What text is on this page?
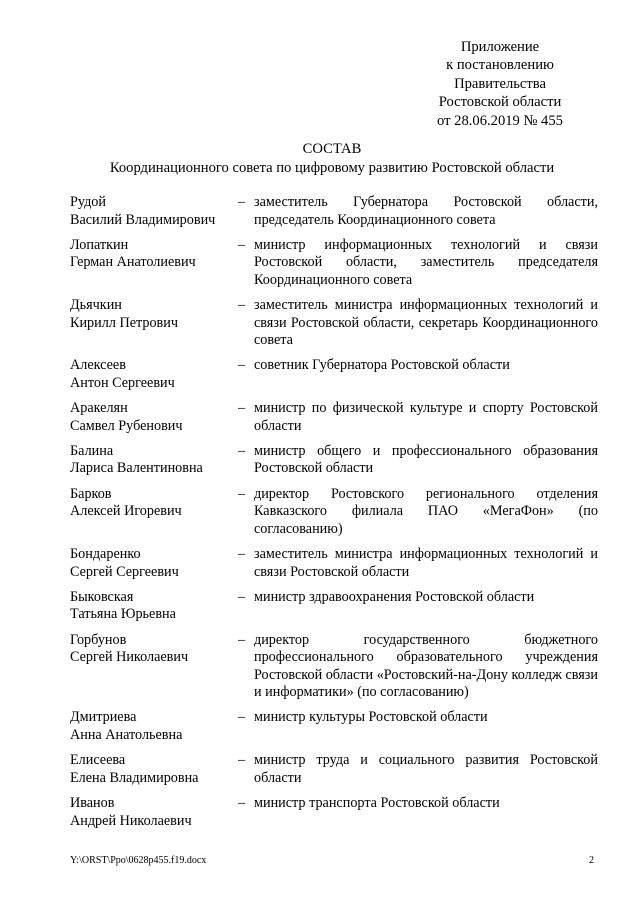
Приложение
к постановлению
Правительства
Ростовской области
от 28.06.2019 № 455
СОСТАВ
Координационного совета по цифровому развитию Ростовской области
Рудой
Василий Владимирович
– заместитель Губернатора Ростовской области, председатель Координационного совета
Лопаткин
Герман Анатолиевич
– министр информационных технологий и связи Ростовской области, заместитель председателя Координационного совета
Дьячкин
Кирилл Петрович
– заместитель министра информационных технологий и связи Ростовской области, секретарь Координационного совета
Алексеев
Антон Сергеевич
– советник Губернатора Ростовской области
Аракелян
Самвел Рубенович
– министр по физической культуре и спорту Ростовской области
Балина
Лариса Валентиновна
– министр общего и профессионального образования Ростовской области
Барков
Алексей Игоревич
– директор Ростовского регионального отделения Кавказского филиала ПАО «МегаФон» (по согласованию)
Бондаренко
Сергей Сергеевич
– заместитель министра информационных технологий и связи Ростовской области
Быковская
Татьяна Юрьевна
– министр здравоохранения Ростовской области
Горбунов
Сергей Николаевич
– директор государственного бюджетного профессионального образовательного учреждения Ростовской области «Ростовский-на-Дону колледж связи и информатики» (по согласованию)
Дмитриева
Анна Анатольевна
– министр культуры Ростовской области
Елисеева
Елена Владимировна
– министр труда и социального развития Ростовской области
Иванов
Андрей Николаевич
– министр транспорта Ростовской области
Y:\ORST\Ppo\0628p455.f19.docx	2
